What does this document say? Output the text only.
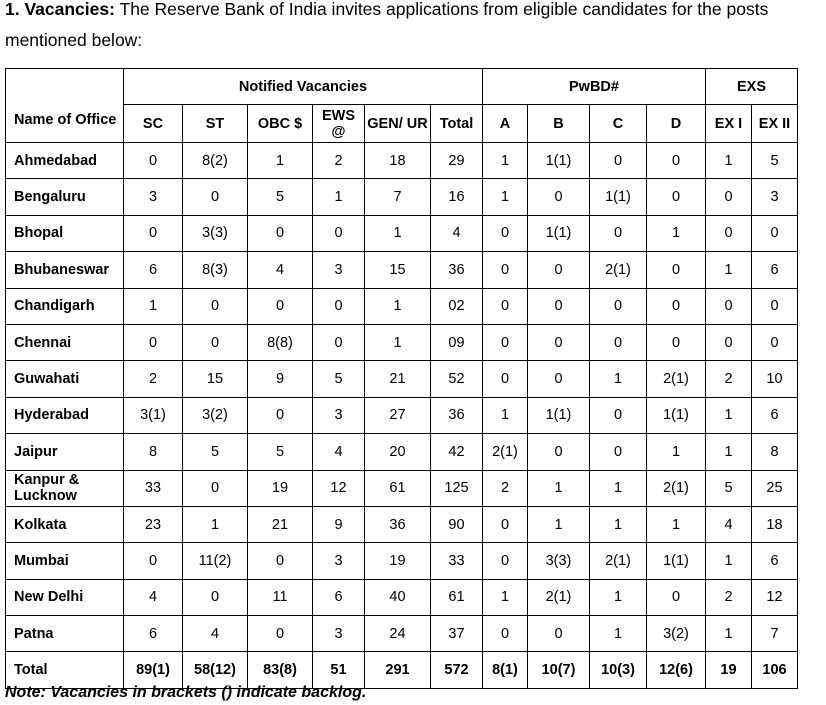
1. Vacancies: The Reserve Bank of India invites applications from eligible candidates for the posts mentioned below:

Name of Office	Notified Vacancies						PwBD#				EXS	
	SC	ST	OBC $	EWS @	GEN/ UR	Total	A	B	C	D	EX I	EX II
Ahmedabad	0	8(2)	1	2	18	29	1	1(1)	0	0	1	5
Bengaluru	3	0	5	1	7	16	1	0	1(1)	0	0	3
Bhopal	0	3(3)	0	0	1	4	0	1(1)	0	1	0	0
Bhubaneswar	6	8(3)	4	3	15	36	0	0	2(1)	0	1	6
Chandigarh	1	0	0	0	1	02	0	0	0	0	0	0
Chennai	0	0	8(8)	0	1	09	0	0	0	0	0	0
Guwahati	2	15	9	5	21	52	0	0	1	2(1)	2	10
Hyderabad	3(1)	3(2)	0	3	27	36	1	1(1)	0	1(1)	1	6
Jaipur	8	5	5	4	20	42	2(1)	0	0	1	1	8
Kanpur & Lucknow	33	0	19	12	61	125	2	1	1	2(1)	5	25
Kolkata	23	1	21	9	36	90	0	1	1	1	4	18
Mumbai	0	11(2)	0	3	19	33	0	3(3)	2(1)	1(1)	1	6
New Delhi	4	0	11	6	40	61	1	2(1)	1	0	2	12
Patna	6	4	0	3	24	37	0	0	1	3(2)	1	7
Total	89(1)	58(12)	83(8)	51	291	572	8(1)	10(7)	10(3)	12(6)	19	106

Note: Vacancies in brackets () indicate backlog.
